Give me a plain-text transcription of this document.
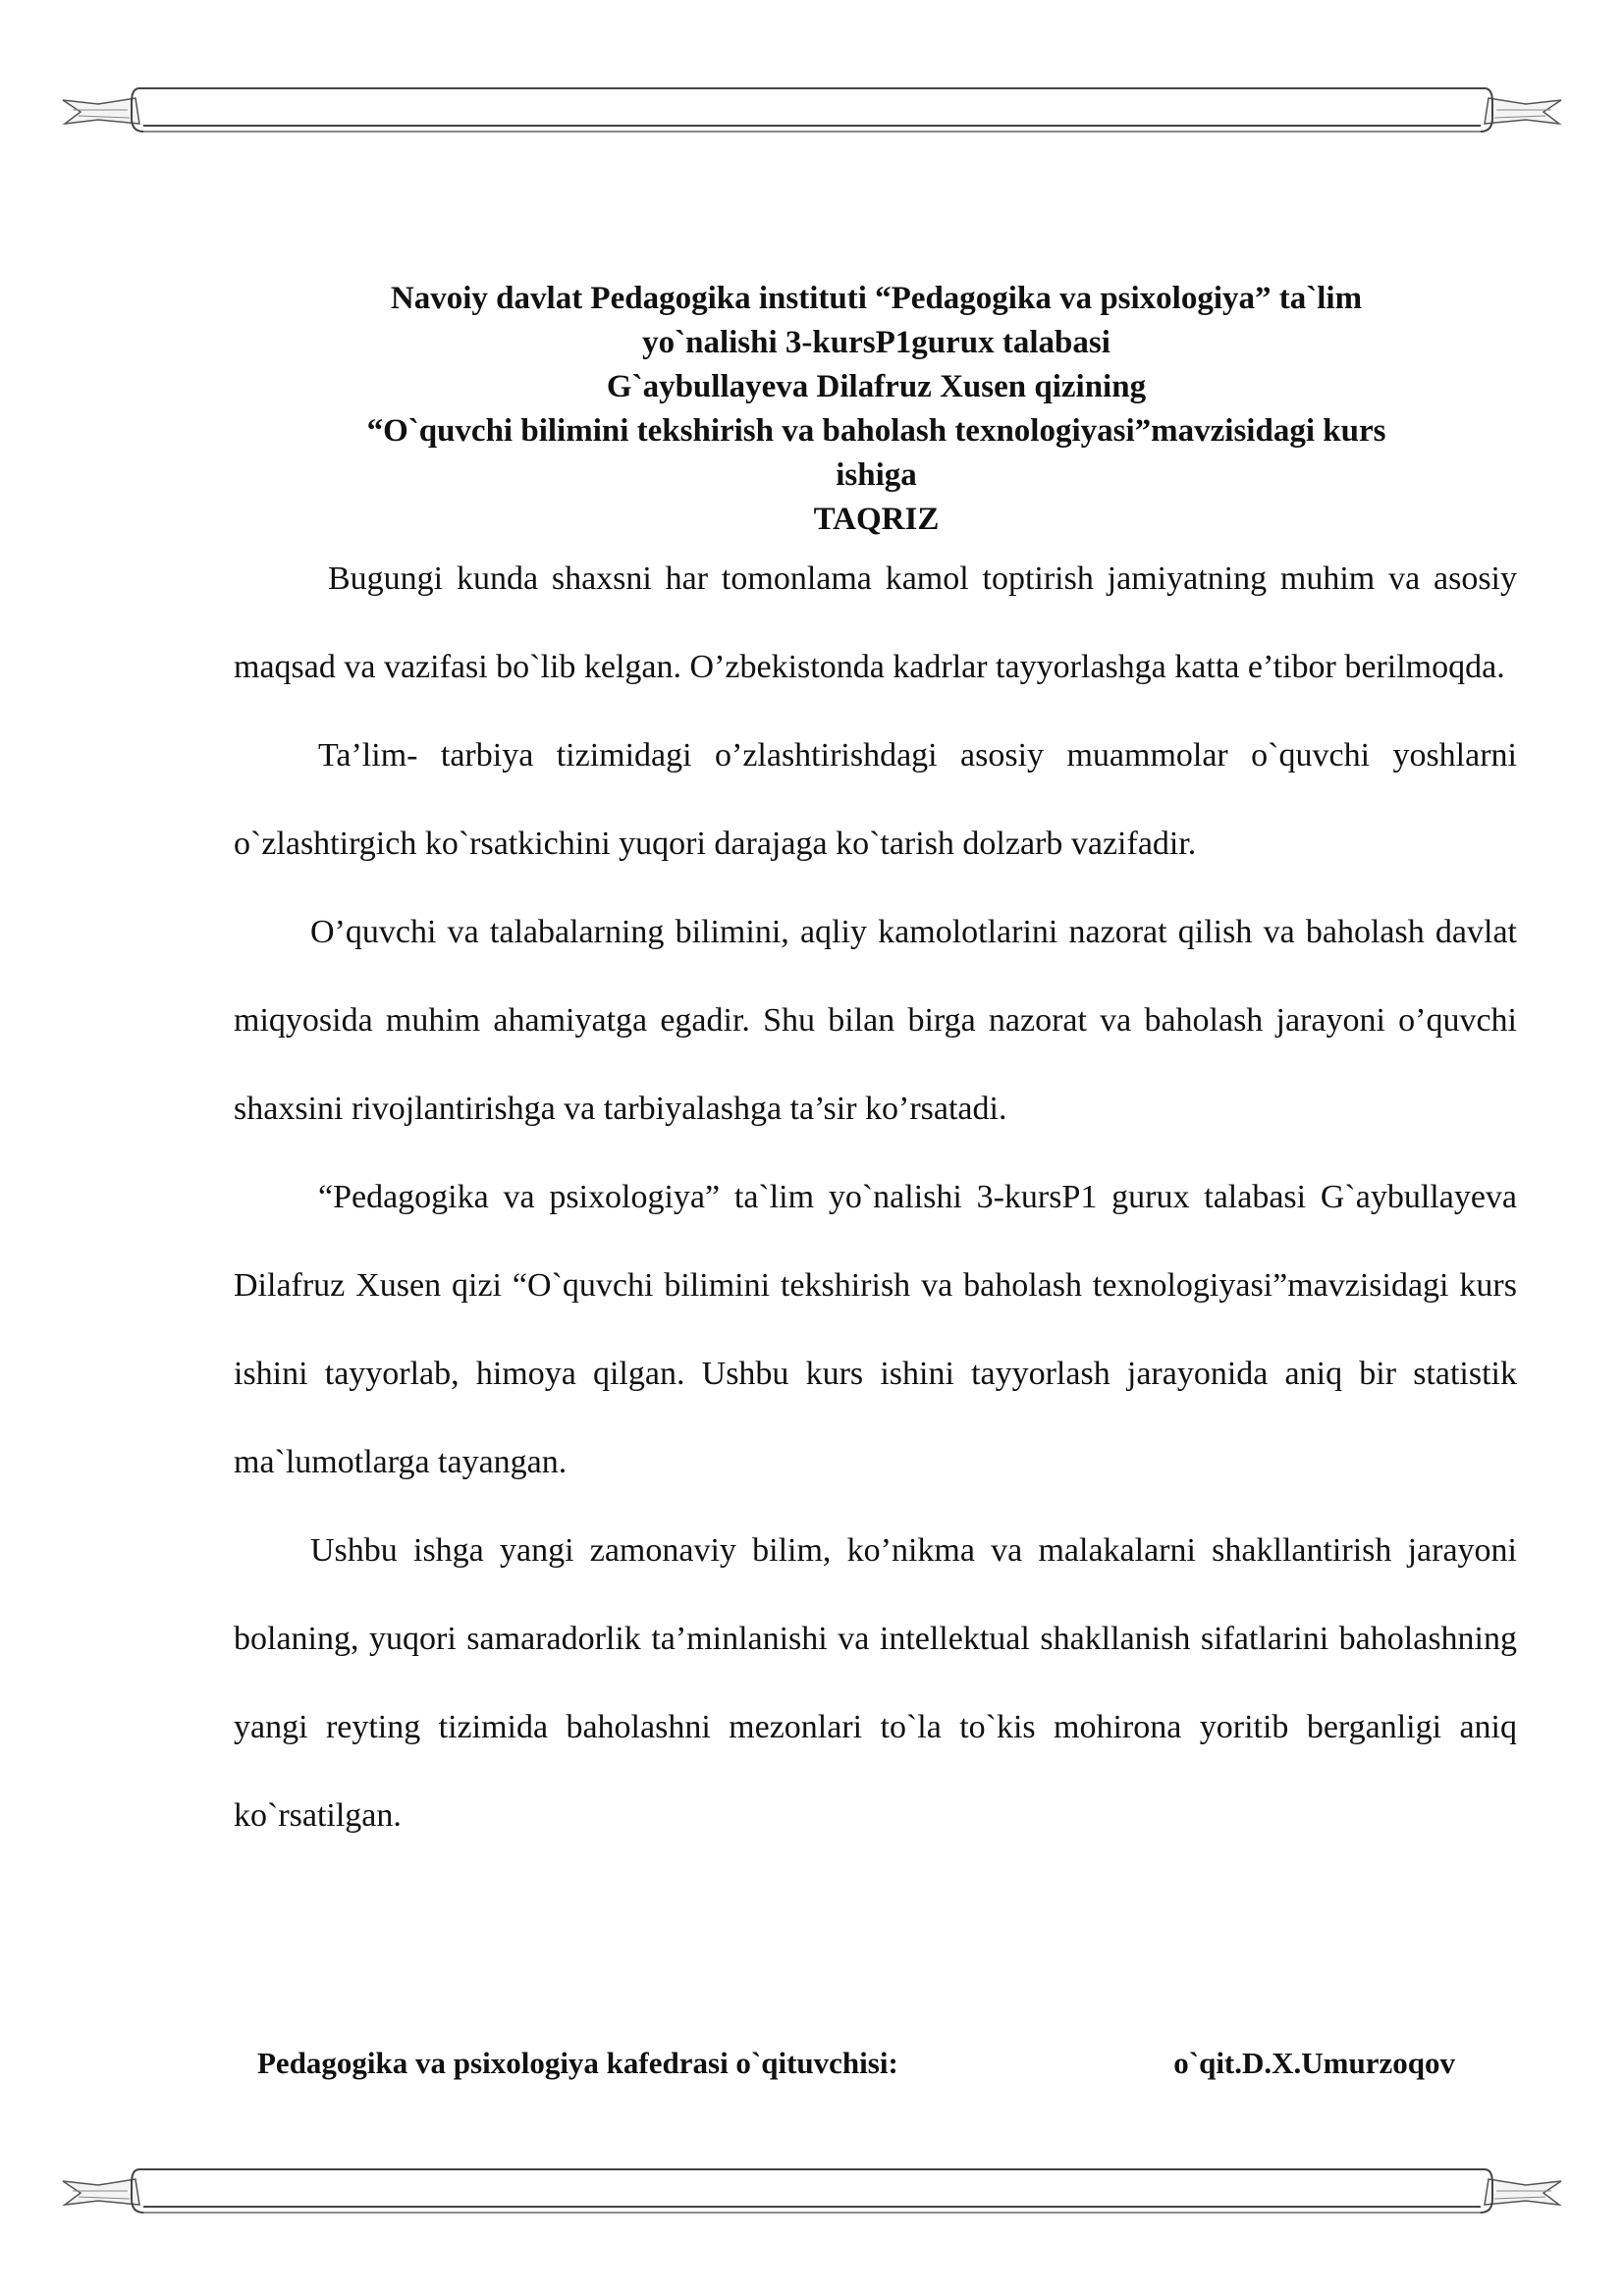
Navoiy davlat Pedagogika instituti “Pedagogika va psixologiya” ta`lim
yo`nalishi 3-kursP1gurux talabasi
G`aybullayeva Dilafruz Xusen qizining
“O`quvchi bilimini tekshirish va baholash texnologiyasi”mavzisidagi kurs
ishiga
TAQRIZ

Bugungi kunda shaxsni har tomonlama kamol toptirish jamiyatning muhim va asosiy maqsad va vazifasi bo`lib kelgan. O’zbekistonda kadrlar tayyorlashga katta e’tibor berilmoqda.

Ta’lim- tarbiya tizimidagi o’zlashtirishdagi asosiy muammolar o`quvchi yoshlarni o`zlashtirgich ko`rsatkichini yuqori darajaga ko`tarish dolzarb vazifadir.

O’quvchi va talabalarning bilimini, aqliy kamolotlarini nazorat qilish va baholash davlat miqyosida muhim ahamiyatga egadir. Shu bilan birga nazorat va baholash jarayoni o’quvchi shaxsini rivojlantirishga va tarbiyalashga ta’sir ko’rsatadi.

“Pedagogika va psixologiya” ta`lim yo`nalishi 3-kursP1 gurux talabasi G`aybullayeva Dilafruz Xusen qizi “O`quvchi bilimini tekshirish va baholash texnologiyasi”mavzisidagi kurs ishini tayyorlab, himoya qilgan. Ushbu kurs ishini tayyorlash jarayonida aniq bir statistik ma`lumotlarga tayangan.

Ushbu ishga yangi zamonaviy bilim, ko’nikma va malakalarni shakllantirish jarayoni bolaning, yuqori samaradorlik ta’minlanishi va intellektual shakllanish sifatlarini baholashning yangi reyting tizimida baholashni mezonlari to`la to`kis mohirona yoritib berganligi aniq ko`rsatilgan.

Pedagogika va psixologiya kafedrasi o`qituvchisi:	o`qit.D.X.Umurzoqov
